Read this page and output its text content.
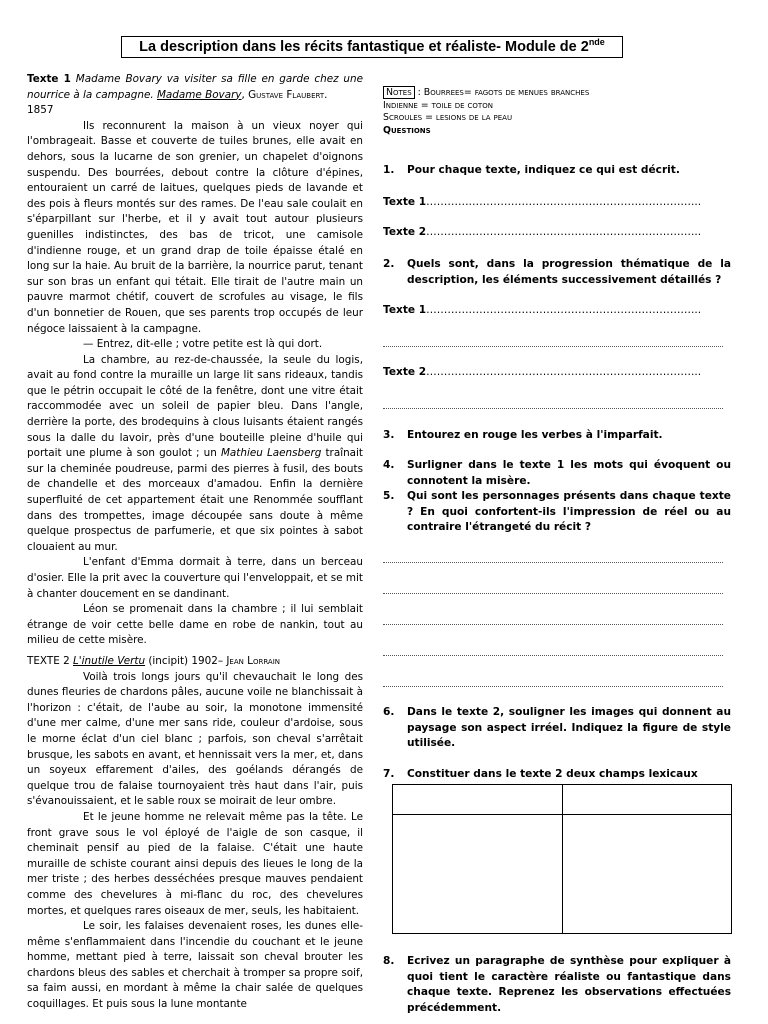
La description dans les récits fantastique et réaliste- Module de 2nde

Texte 1 Madame Bovary va visiter sa fille en garde chez une nourrice à la campagne. Madame Bovary, Gustave Flaubert.
1857

Ils reconnurent la maison à un vieux noyer qui l'ombrageait. Basse et couverte de tuiles brunes, elle avait en dehors, sous la lucarne de son grenier, un chapelet d'oignons suspendu. Des bourrées, debout contre la clôture d'épines, entouraient un carré de laitues, quelques pieds de lavande et des pois à fleurs montés sur des rames. De l'eau sale coulait en s'éparpillant sur l'herbe, et il y avait tout autour plusieurs guenilles indistinctes, des bas de tricot, une camisole d'indienne rouge, et un grand drap de toile épaisse étalé en long sur la haie. Au bruit de la barrière, la nourrice parut, tenant sur son bras un enfant qui tétait. Elle tirait de l'autre main un pauvre marmot chétif, couvert de scrofules au visage, le fils d'un bonnetier de Rouen, que ses parents trop occupés de leur négoce laissaient à la campagne.

— Entrez, dit-elle ; votre petite est là qui dort.

La chambre, au rez-de-chaussée, la seule du logis, avait au fond contre la muraille un large lit sans rideaux, tandis que le pétrin occupait le côté de la fenêtre, dont une vitre était raccommodée avec un soleil de papier bleu. Dans l'angle, derrière la porte, des brodequins à clous luisants étaient rangés sous la dalle du lavoir, près d'une bouteille pleine d'huile qui portait une plume à son goulot ; un Mathieu Laensberg traînait sur la cheminée poudreuse, parmi des pierres à fusil, des bouts de chandelle et des morceaux d'amadou. Enfin la dernière superfluité de cet appartement était une Renommée soufflant dans des trompettes, image découpée sans doute à même quelque prospectus de parfumerie, et que six pointes à sabot clouaient au mur.

L'enfant d'Emma dormait à terre, dans un berceau d'osier. Elle la prit avec la couverture qui l'enveloppait, et se mit à chanter doucement en se dandinant.

Léon se promenait dans la chambre ; il lui semblait étrange de voir cette belle dame en robe de nankin, tout au milieu de cette misère.

TEXTE 2 L'inutile Vertu (incipit) 1902– Jean Lorrain

Voilà trois longs jours qu'il chevauchait le long des dunes fleuries de chardons pâles, aucune voile ne blanchissait à l'horizon : c'était, de l'aube au soir, la monotone immensité d'une mer calme, d'une mer sans ride, couleur d'ardoise, sous le morne éclat d'un ciel blanc ; parfois, son cheval s'arrêtait brusque, les sabots en avant, et hennissait vers la mer, et, dans un soyeux effarement d'ailes, des goélands dérangés de quelque trou de falaise tournoyaient très haut dans l'air, puis s'évanouissaient, et le sable roux se moirait de leur ombre.

Et le jeune homme ne relevait même pas la tête. Le front grave sous le vol éployé de l'aigle de son casque, il cheminait pensif au pied de la falaise. C'était une haute muraille de schiste courant ainsi depuis des lieues le long de la mer triste ; des herbes desséchées presque mauves pendaient comme des chevelures à mi-flanc du roc, des chevelures mortes, et quelques rares oiseaux de mer, seuls, les habitaient.

Le soir, les falaises devenaient roses, les dunes elle-même s'enflammaient dans l'incendie du couchant et le jeune homme, mettant pied à terre, laissait son cheval brouter les chardons bleus des sables et cherchait à tromper sa propre soif, sa faim aussi, en mordant à même la chair salée de quelques coquillages. Et puis sous la lune montante

Notes : Bourrees= fagots de menues branches
Indienne = toile de coton
Scroules = lesions de la peau
Questions
1. Pour chaque texte, indiquez ce qui est décrit.
Texte 1…………………………………………………………………...
Texte 2…………………………………………………………………...
2. Quels sont, dans la progression thématique de la description, les éléments successivement détaillés ?
Texte 1…………………………………………………………………...
Texte 2…………………………………………………………………...
3. Entourez en rouge les verbes à l'imparfait.
4. Surligner dans le texte 1 les mots qui évoquent ou connotent la misère.
5. Qui sont les personnages présents dans chaque texte ? En quoi confortent-ils l'impression de réel ou au contraire l'étrangeté du récit ?
6. Dans le texte 2, souligner les images qui donnent au paysage son aspect irréel. Indiquez la figure de style utilisée.
7. Constituer dans le texte 2 deux champs lexicaux

8. Ecrivez un paragraphe de synthèse pour expliquer à quoi tient le caractère réaliste ou fantastique dans chaque texte. Reprenez les observations effectuées précédemment.
